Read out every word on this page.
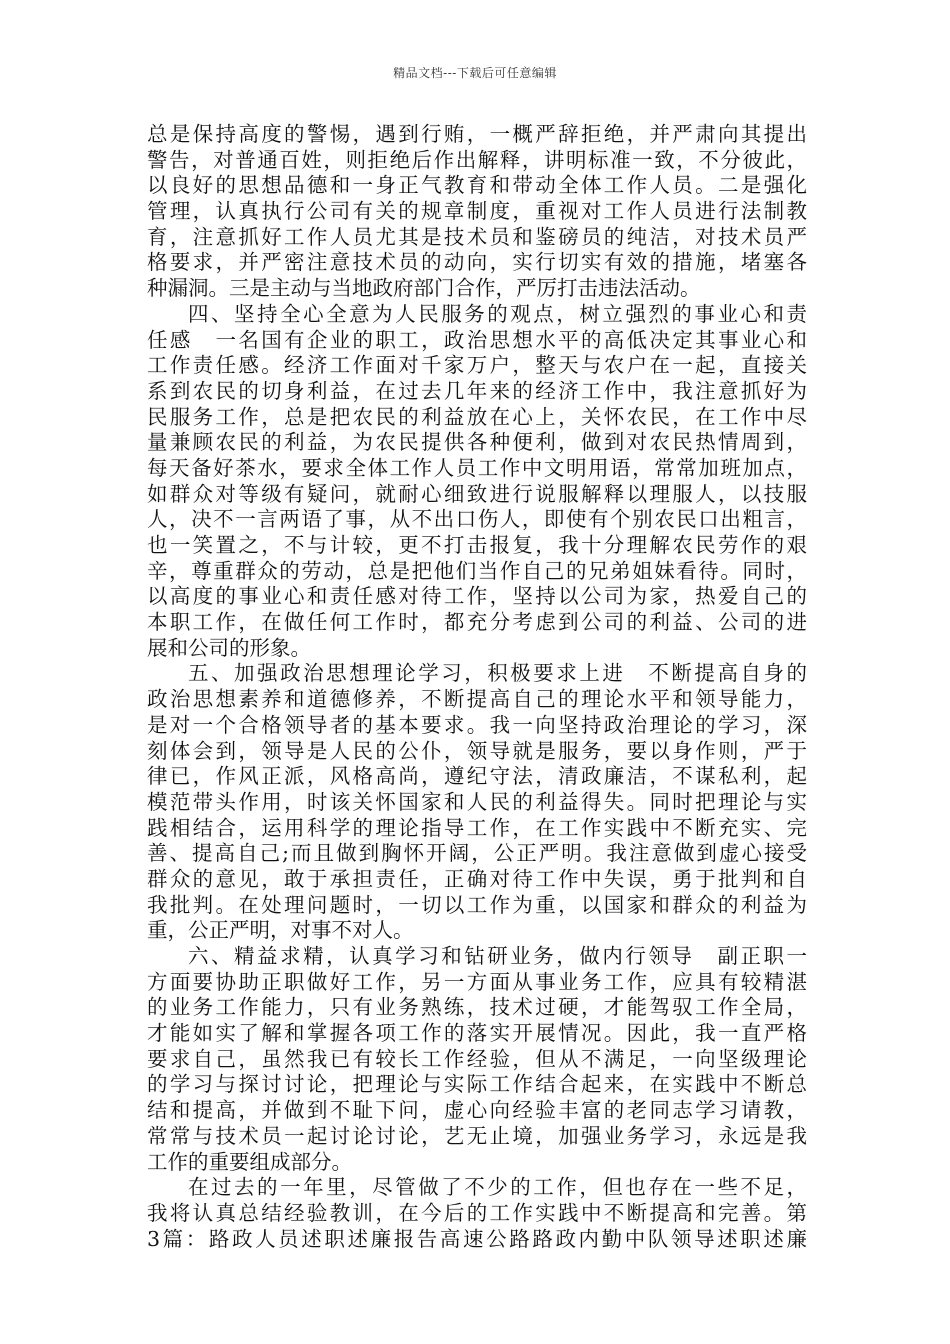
精品文档---下载后可任意编辑
总是保持高度的警惕，遇到行贿，一概严辞拒绝，并严肃向其提出
警告，对普通百姓，则拒绝后作出解释，讲明标准一致，不分彼此，
以良好的思想品德和一身正气教育和带动全体工作人员。二是强化
管理，认真执行公司有关的规章制度，重视对工作人员进行法制教
育，注意抓好工作人员尤其是技术员和鉴磅员的纯洁，对技术员严
格要求，并严密注意技术员的动向，实行切实有效的措施，堵塞各
种漏洞。三是主动与当地政府部门合作，严厉打击违法活动。
四、坚持全心全意为人民服务的观点，树立强烈的事业心和责
任感　一名国有企业的职工，政治思想水平的高低决定其事业心和
工作责任感。经济工作面对千家万户，整天与农户在一起，直接关
系到农民的切身利益，在过去几年来的经济工作中，我注意抓好为
民服务工作，总是把农民的利益放在心上，关怀农民，在工作中尽
量兼顾农民的利益，为农民提供各种便利，做到对农民热情周到，
每天备好茶水，要求全体工作人员工作中文明用语，常常加班加点，
如群众对等级有疑问，就耐心细致进行说服解释以理服人，以技服
人，决不一言两语了事，从不出口伤人，即使有个别农民口出粗言，
也一笑置之，不与计较，更不打击报复，我十分理解农民劳作的艰
辛，尊重群众的劳动，总是把他们当作自己的兄弟姐妹看待。同时，
以高度的事业心和责任感对待工作，坚持以公司为家，热爱自己的
本职工作，在做任何工作时，都充分考虑到公司的利益、公司的进
展和公司的形象。
五、加强政治思想理论学习，积极要求上进　不断提高自身的
政治思想素养和道德修养，不断提高自己的理论水平和领导能力，
是对一个合格领导者的基本要求。我一向坚持政治理论的学习，深
刻体会到，领导是人民的公仆，领导就是服务，要以身作则，严于
律已，作风正派，风格高尚，遵纪守法，清政廉洁，不谋私利，起
模范带头作用，时该关怀国家和人民的利益得失。同时把理论与实
践相结合，运用科学的理论指导工作，在工作实践中不断充实、完
善、提高自己;而且做到胸怀开阔，公正严明。我注意做到虚心接受
群众的意见，敢于承担责任，正确对待工作中失误，勇于批判和自
我批判。在处理问题时，一切以工作为重，以国家和群众的利益为
重，公正严明，对事不对人。
六、精益求精，认真学习和钻研业务，做内行领导　副正职一
方面要协助正职做好工作，另一方面从事业务工作，应具有较精湛
的业务工作能力，只有业务熟练，技术过硬，才能驾驭工作全局，
才能如实了解和掌握各项工作的落实开展情况。因此，我一直严格
要求自己，虽然我已有较长工作经验，但从不满足，一向坚级理论
的学习与探讨讨论，把理论与实际工作结合起来，在实践中不断总
结和提高，并做到不耻下问，虚心向经验丰富的老同志学习请教，
常常与技术员一起讨论讨论，艺无止境，加强业务学习，永远是我
工作的重要组成部分。
在过去的一年里，尽管做了不少的工作，但也存在一些不足，
我将认真总结经验教训，在今后的工作实践中不断提高和完善。第
3篇：路政人员述职述廉报告高速公路路政内勤中队领导述职述廉
